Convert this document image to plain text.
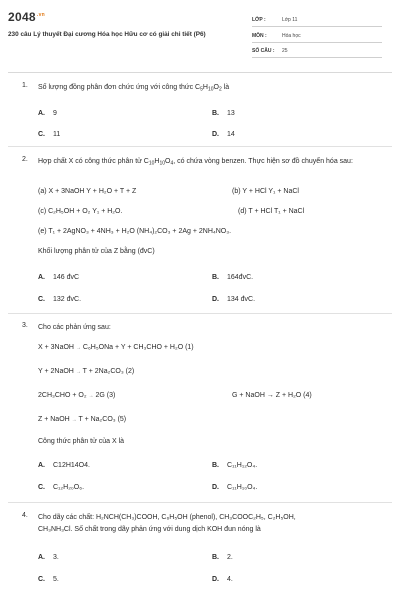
$2048^{.vn}$
230 câu Lý thuyết Đại cương Hóa học Hữu cơ có giải chi tiết (P6)
LỚP :	Lớp 11
MÔN :	Hóa học
SỐ CÂU : 25
1. Số lượng đồng phân đơn chức ứng với công thức $C_5H_{10}O_2$ là
A. 9	B. 13
C. 11	D. 14
2. Hợp chất X có công thức phân tử $C_{10}H_{10}O_4$, có chứa vòng benzen. Thực hiện sơ đồ chuyển hóa sau:
(a) X + 3NaOH Y + H₂O + T + Z	(b) Y + HCl Y₁ + NaCl
(c) C₂H₅OH + O₂ Y₁ + H₂O.	(d) T + HCl T₁ + NaCl
(e) T₁ + 2AgNO₃ + 4NH₃ + H₂O (NH₄)₂CO₃ + 2Ag + 2NH₄NO₃.
Khối lượng phân tử của Z bằng (đvC)
A. 146 đvC	B. 164đvC.
C. 132 đvC.	D. 134 đvC.
3. Cho các phản ứng sau:
X + 3NaOH → C₆H₅ONa + Y + CH₃CHO + H₂O (1)
Y + 2NaOH → T + 2Na₂CO₃ (2)
2CH₃CHO + O₂ → 2G (3)	G + NaOH → Z + H₂O (4)
Z + NaOH → T + Na₂CO₃ (5)
Công thức phân tử của X là
A. C12H14O4.	B. C₁₁H₁₂O₄.
C. C₁₂H₂₀O₆.	D. C₁₁H₁₀O₄.
4. Cho dãy các chất: H₂NCH(CH₃)COOH, C₆H₅OH (phenol), CH₃COOC₂H₅, C₂H₅OH,
CH₃NH₃Cl. Số chất trong dãy phản ứng với dung dịch KOH đun nóng là
A. 3.	B. 2.
C. 5.	D. 4.
